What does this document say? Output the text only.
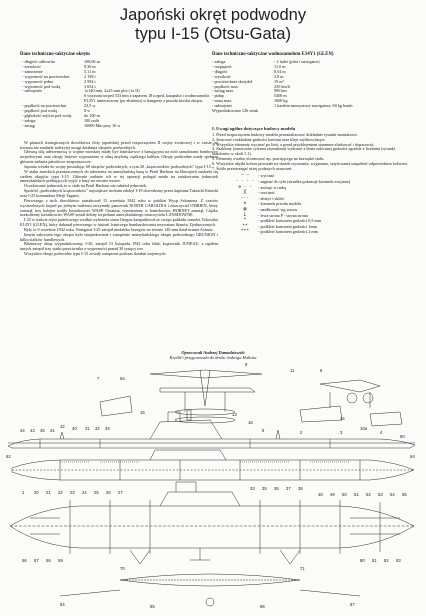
Japoński okręt podwodny
typu I-15 (Otsu-Gata)
Dane techniczno-taktyczne okrętu
- długość całkowita	108,66 m
- szerokość	9,30 m
- zanurzenie	5,11 m
- wyporność na powierzchni	2 198 t
- wyporność pełna	2 584 t
- wyporność pod wodą	3 654 t
- uzbrojenie	1x140 mm, 2x25 mm plot (1x II)
6 wyrzutni torped 533 mm z zapasem 18 torped, katapulta i wodnosamolot
E14Y1 umieszczony (po złożeniu) w hangarze z przodu kiosku okrętu.
- prędkość na powierzchni	23,5 w
- prędkość pod wodą	8 w
- głębokość zejścia pod wodę	do 100 m
- załoga	100 osób
- zasięg	16000 Mm przy 16 w

W planach strategicznych dowództwa floty japońskiej przed rozpoczęciem II wojny światowej i w czasie jej trwania nie znalazły należytej uwagi działania okrętów podwodnych.

Główną siłą uderzeniową w wojnie morskiej miały być lotniskowce z bazującymi na nich samolotami bombowo-torpedowymi oraz okręty liniowe wyposażone w silną artylerię ciężkiego kalibru. Okręty podwodne miały spełniać głównie zadania patrolowo-rozpoznawcze.

Japonia weszła do wojny posiadając 60 okrętów podwodnych, z tym 20 „krążowników podwodnych" typu I-15.

W ataku marskich przeznaczonych do uderzenia na amerykańską bazę w Pearl Harbour na Hawajach znalazło się siedem okrętów typu I-15. Głównie zadanie ich w tej operacji polegał miało na zatakowaniu jednostek amerykańskich próbujących wyjść z bazy na otwarte morze.

Oczekiwanie jednostek te w stałe na Pearl Harbour nie odniósł jednostek.

Spośród „podwodnych krążowników" największe trofeum zdobył I-19 dowodzony przez kapitana Takaichi Kinashi oraz I-25 komandora Meiji Tagami.

Pierwszego z nich dowództwo zaatakował 15 września 1942 roku w pobliżu Wysp Salomona. Z czasów wystrzelonych torped po jednym trafieniu otrzymały pancernik NORTH CAROLINA i niszczyciel O'BRIEN, który zatonął, trzy kolejne trafiły lotniskowiec WASP. Ostatnia, wymieniony w lotniskowiec HORNET zatonął. Ciężko uszkodzony lotniskowiec WASP został dobity torpedami amerykańskiego niszczyciela LANSDOWNE.

I-25 w trakcie rejsu patrolowego wzdłuż wybrzeża stanu Oregon katapultował ze swego pokładu samolot Yokosuka E14Y1 (GLEN), który dokonał pierwszego w historii lotniczego bombardowania terytorium Stanów Zjednoczonych.

Były to 9 września 1942 roku. Następnie I-25 zatopił niedaleko brzegów na terenie 140 mm dział miasta Astoria.

Innym sukcesem tego okrętu było storpedowanie i zatopienie amerykańskiego okrętu podwodnego GRUNION i kilku statków handlowych.

Bliźniaczy okręt wyprodukowany, I-26, zatopił 13 listopada 1942 roku lekki krążownik JUNEAU, a ogółem innych zatopił trzy statki przeciwnika o wyporności ponad 30 tysięcy ton.

Wszystkie okręty podwodne typu I-15 zostały zatopione podczas działań wojennych.

Dane techniczno-taktyczne wodnosamolotu E14Y1 (GLEN)
- załoga	- 2 ludzi (pilot i nawigator)
- rozpiętość	11,0 m
- długość	8,54 m
- wysokość	3,8 m
- powierzchnia skrzydeł	19 m²
- prędkość max.	250 km/h
- zasięg max.	900 km
- pułap	5400 m
- masa max.	1600 kg
- uzbrojenie	1 karabin maszynowy nawigatora, 60 kg bomb
Wyprodukowano 126 sztuk
I. Uwagi ogólne dotyczące budowy modelu

1. Przed rozpoczęciem budowy modelu przeanalizować dokładnie rysunki montażowe.

2. Stosować rozkładane grubości kartonu oraz kleje szybkoschnące.

3. Wszystkie elementy wycinać po linii, a przed przyklejeniem starannie zlinkować i dopasować.

4. Szablony (oznaczone cyframi rzymskimi) wykonać z drutu zalecanej grubości zgodnie z liczbami (rysunki szablonów w skali 1:1).

5. Elementy owalne zformować np. pracującego na krawędzi stołu.

6. Wszystkie ubytki koloru powstałe na skutek wycinania, wyginania, sztyfowania uzupełnić odpowiednim kolorem.

7. Ściśle przestrzegać niżej podanych oznaczeń.

— —	- wycinać
- · - · - zaginać do tyłu (strzałka pokazuje kierunek zwijania)
⊗ · ·	- zwinąć w rurkę
╳	- rozcinać
-·-	- złożyć i skleić
✚	- kierunek przodu modelu
▧	- nasiłkować wg wzoru
L	- lewa strona P - strona strona
*	- podkleić kartonem grubości 0,5 mm
**	- podkleić kartonem grubości 1mm
***	- podkleić kartonem grubości 2 mm
Opracowali Andrzej Damadziewski
Kreślił i przygotowała do druku Jadwiga Halicka
7	5a
9
11	6
14
10a
44 43 45 41
42 40 31 32 34
15	13
16
8	2	3	4
60
62	64
1 20 21 22 23 24 25 26 27
33 35 36 37 38
48 49 50 51 52 53 54 55
56 57 58 59
70	71
80 81 82 83
84	85	86	87
